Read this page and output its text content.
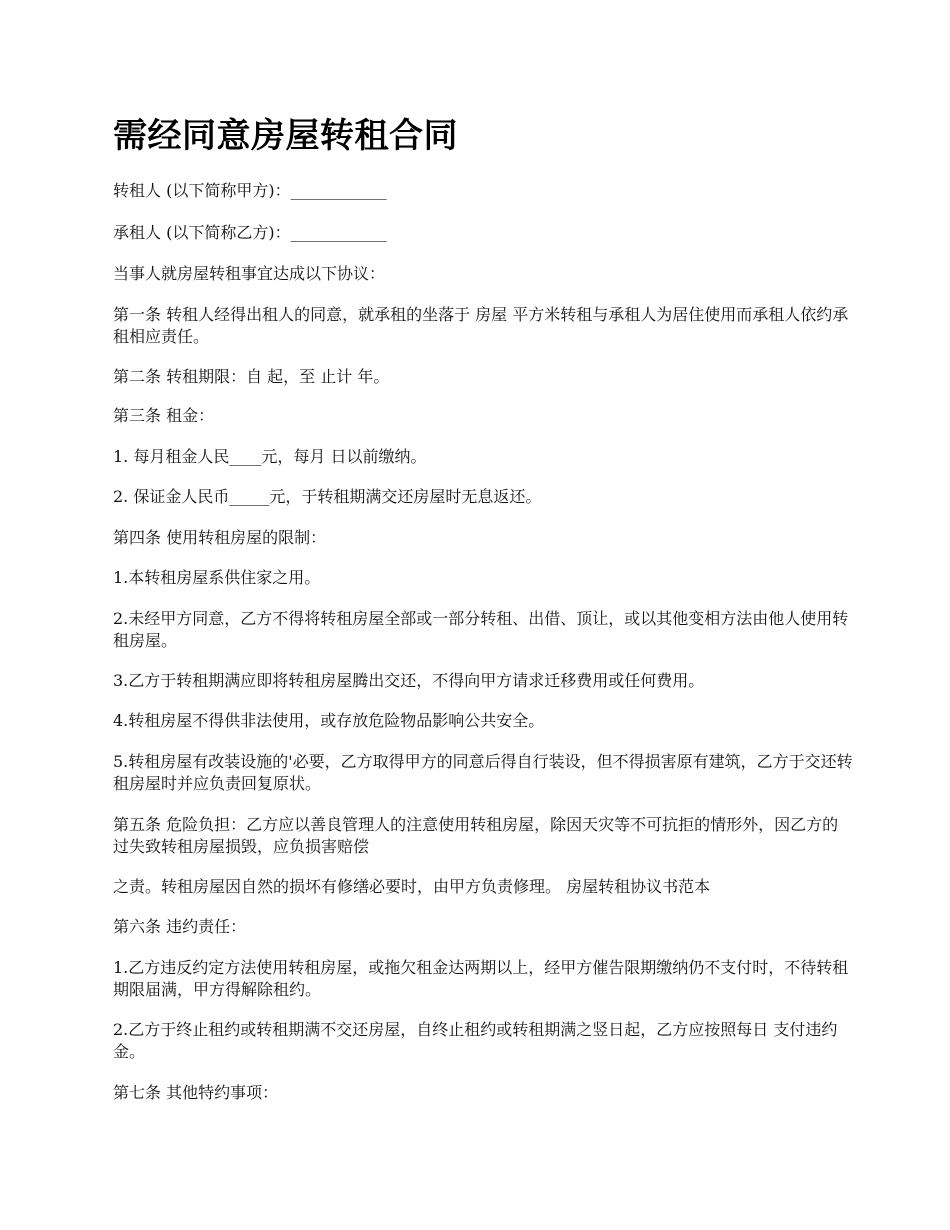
需经同意房屋转租合同

转租人 (以下简称甲方)：____________

承租人 (以下简称乙方)：____________

当事人就房屋转租事宜达成以下协议：

第一条 转租人经得出租人的同意，就承租的坐落于 房屋 平方米转租与承租人为居住使用而承租人依约承租相应责任。

第二条 转租期限：自 起，至 止计 年。

第三条 租金：

1. 每月租金人民____元，每月 日以前缴纳。

2. 保证金人民币_____元，于转租期满交还房屋时无息返还。

第四条 使用转租房屋的限制：

1.本转租房屋系供住家之用。

2.未经甲方同意，乙方不得将转租房屋全部或一部分转租、出借、顶让，或以其他变相方法由他人使用转租房屋。

3.乙方于转租期满应即将转租房屋腾出交还，不得向甲方请求迁移费用或任何费用。

4.转租房屋不得供非法使用，或存放危险物品影响公共安全。

5.转租房屋有改装设施的'必要，乙方取得甲方的同意后得自行装设，但不得损害原有建筑，乙方于交还转租房屋时并应负责回复原状。

第五条 危险负担：乙方应以善良管理人的注意使用转租房屋，除因天灾等不可抗拒的情形外，因乙方的过失致转租房屋损毁，应负损害赔偿

之责。转租房屋因自然的损坏有修缮必要时，由甲方负责修理。 房屋转租协议书范本

第六条 违约责任：

1.乙方违反约定方法使用转租房屋，或拖欠租金达两期以上，经甲方催告限期缴纳仍不支付时，不待转租期限届满，甲方得解除租约。

2.乙方于终止租约或转租期满不交还房屋，自终止租约或转租期满之竖日起，乙方应按照每日 支付违约金。

第七条 其他特约事项：
